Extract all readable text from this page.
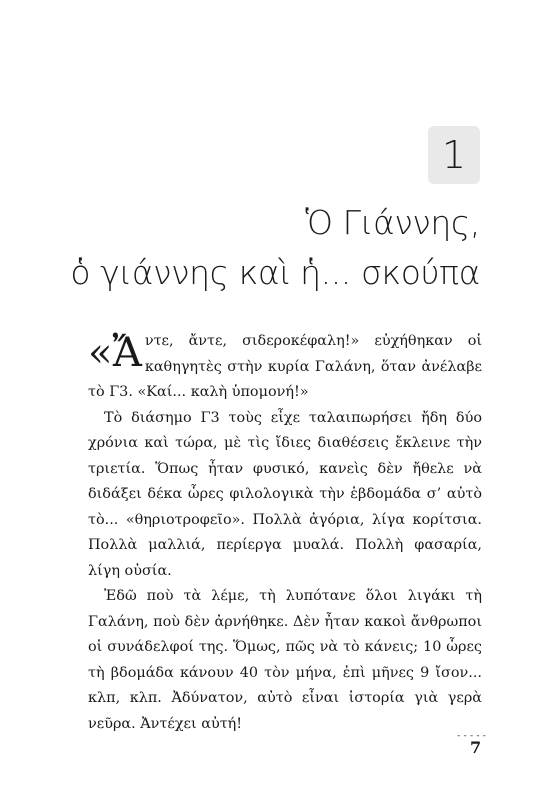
1
Ὁ Γιάννης,
ὁ γιάννης καὶ ἡ... σκούπα

«Ἄντε, ἄντε, σιδεροκέφαλη!» εὐχήθηκαν οἱ καθηγητὲς στὴν κυρία Γαλάνη, ὅταν ἀνέλαβε τὸ Γ3. «Καί... καλὴ ὑπομονή!»

Τὸ διάσημο Γ3 τοὺς εἶχε ταλαιπωρήσει ἤδη δύο χρόνια καὶ τώρα, μὲ τὶς ἴδιες διαθέσεις ἔκλεινε τὴν τριετία. Ὅπως ἦταν φυσικό, κανεὶς δὲν ἤθελε νὰ διδάξει δέκα ὧρες φιλολογικὰ τὴν ἑβδομάδα σ’ αὐτὸ τὸ... «θηριοτροφεῖο». Πολλὰ ἀγόρια, λίγα κορίτσια. Πολλὰ μαλλιά, περίεργα μυαλά. Πολλὴ φασαρία, λίγη οὐσία.

Ἐδῶ ποὺ τὰ λέμε, τὴ λυπότανε ὅλοι λιγάκι τὴ Γαλάνη, ποὺ δὲν ἀρνήθηκε. Δὲν ἦταν κακοὶ ἄνθρωποι οἱ συνάδελφοί της. Ὅμως, πῶς νὰ τὸ κάνεις; 10 ὧρες τὴ βδομάδα κάνουν 40 τὸν μήνα, ἐπὶ μῆνες 9 ἴσον... κλπ, κλπ. Ἀδύνατον, αὐτὸ εἶναι ἱστορία γιὰ γερὰ νεῦρα. Ἀντέχει αὐτή!

-----
7
